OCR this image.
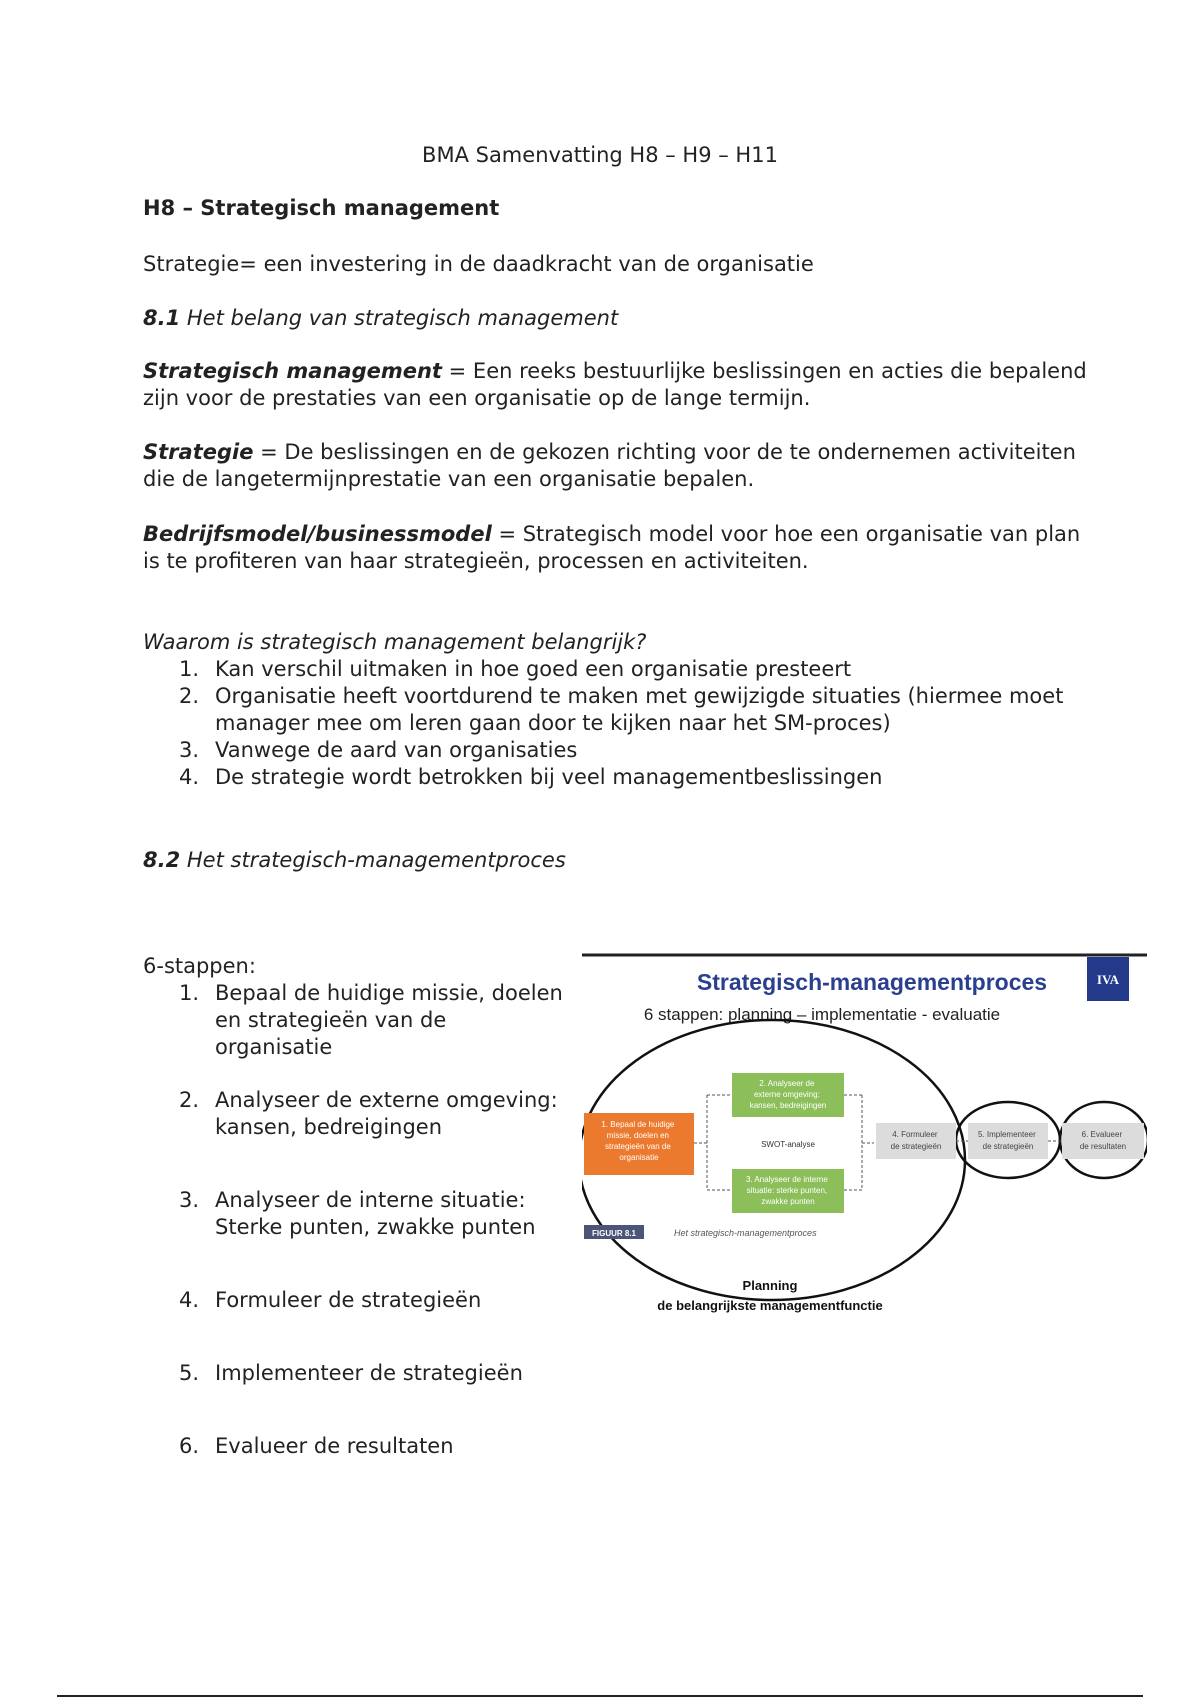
BMA Samenvatting H8 – H9 – H11
H8 – Strategisch management
Strategie= een investering in de daadkracht van de organisatie
8.1 Het belang van strategisch management
Strategisch management = Een reeks bestuurlijke beslissingen en acties die bepalend zijn voor de prestaties van een organisatie op de lange termijn.
Strategie = De beslissingen en de gekozen richting voor de te ondernemen activiteiten die de langetermijnprestatie van een organisatie bepalen.
Bedrijfsmodel/businessmodel = Strategisch model voor hoe een organisatie van plan is te profiteren van haar strategieën, processen en activiteiten.
Waarom is strategisch management belangrijk?
1. Kan verschil uitmaken in hoe goed een organisatie presteert
2. Organisatie heeft voortdurend te maken met gewijzigde situaties (hiermee moet manager mee om leren gaan door te kijken naar het SM-proces)
3. Vanwege de aard van organisaties
4. De strategie wordt betrokken bij veel managementbeslissingen
8.2 Het strategisch-managementproces
6-stappen:
1. Bepaal de huidige missie, doelen en strategieën van de organisatie
2. Analyseer de externe omgeving: kansen, bedreigingen
3. Analyseer de interne situatie: Sterke punten, zwakke punten
4. Formuleer de strategieën
5. Implementeer de strategieën
6. Evalueer de resultaten
IVA
Strategisch-managementproces
6 stappen: planning – implementatie - evaluatie
1. Bepaal de huidige missie, doelen en strategieën van de organisatie
2. Analyseer de externe omgeving: kansen, bedreigingen
SWOT-analyse
3. Analyseer de interne situatie: sterke punten, zwakke punten
4. Formuleer de strategieën
5. Implementeer de strategieën
6. Evalueer de resultaten
FIGUUR 8.1	Het strategisch-managementproces
Planning
de belangrijkste managementfunctie
